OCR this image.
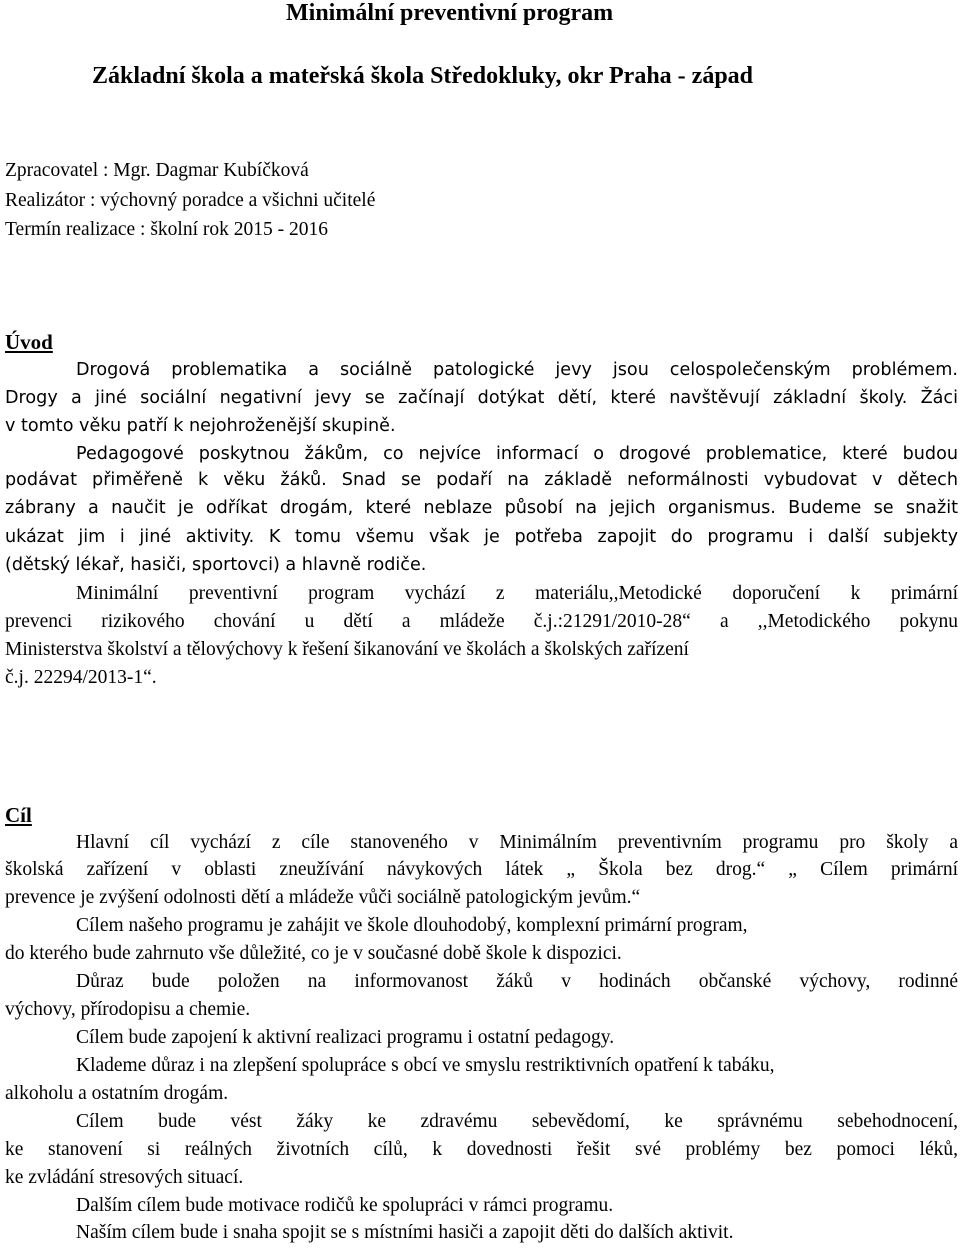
Minimální preventivní program
Základní škola a mateřská škola Středokluky, okr Praha - západ
Zpracovatel : Mgr. Dagmar Kubíčková
Realizátor : výchovný poradce a všichni učitelé
Termín realizace : školní rok 2015 - 2016
Úvod
Drogová problematika a sociálně patologické jevy jsou celospolečenským problémem.
Drogy a jiné sociální negativní jevy se začínají dotýkat dětí, které navštěvují základní školy. Žáci
v tomto věku patří k nejohroženější skupině.
Pedagogové poskytnou žákům, co nejvíce informací o drogové problematice, které budou
podávat přiměřeně k věku žáků. Snad se podaří na základě neformálnosti vybudovat v dětech
zábrany a naučit je odříkat drogám, které neblaze působí na jejich organismus. Budeme se snažit
ukázat jim i jiné aktivity. K tomu všemu však je potřeba zapojit do programu i další subjekty
(dětský lékař, hasiči, sportovci) a hlavně rodiče.
Minimální preventivní program vychází z materiálu,,Metodické doporučení k primární
prevenci rizikového chování u dětí a mládeže č.j.:21291/2010-28“ a ,,Metodického pokynu
Ministerstva školství a tělovýchovy k řešení šikanování ve školách a školských zařízení
č.j. 22294/2013-1“.
Cíl
Hlavní cíl vychází z cíle stanoveného v Minimálním preventivním programu pro školy a
školská zařízení v oblasti zneužívání návykových látek „ Škola bez drog.“ „ Cílem primární
prevence je zvýšení odolnosti dětí a mládeže vůči sociálně patologickým jevům.“
Cílem našeho programu je zahájit ve škole dlouhodobý, komplexní primární program,
do kterého bude zahrnuto vše důležité, co je v současné době škole k dispozici.
Důraz bude položen na informovanost žáků v hodinách občanské výchovy, rodinné
výchovy, přírodopisu a chemie.
Cílem bude zapojení k aktivní realizaci programu i ostatní pedagogy.
Klademe důraz i na zlepšení spolupráce s obcí ve smyslu restriktivních opatření k tabáku,
alkoholu a ostatním drogám.
Cílem bude vést žáky ke zdravému sebevědomí, ke správnému sebehodnocení,
ke stanovení si reálných životních cílů, k dovednosti řešit své problémy bez pomoci léků,
ke zvládání stresových situací.
Dalším cílem bude motivace rodičů ke spolupráci v rámci programu.
Naším cílem bude i snaha spojit se s místními hasiči a zapojit děti do dalších aktivit.
